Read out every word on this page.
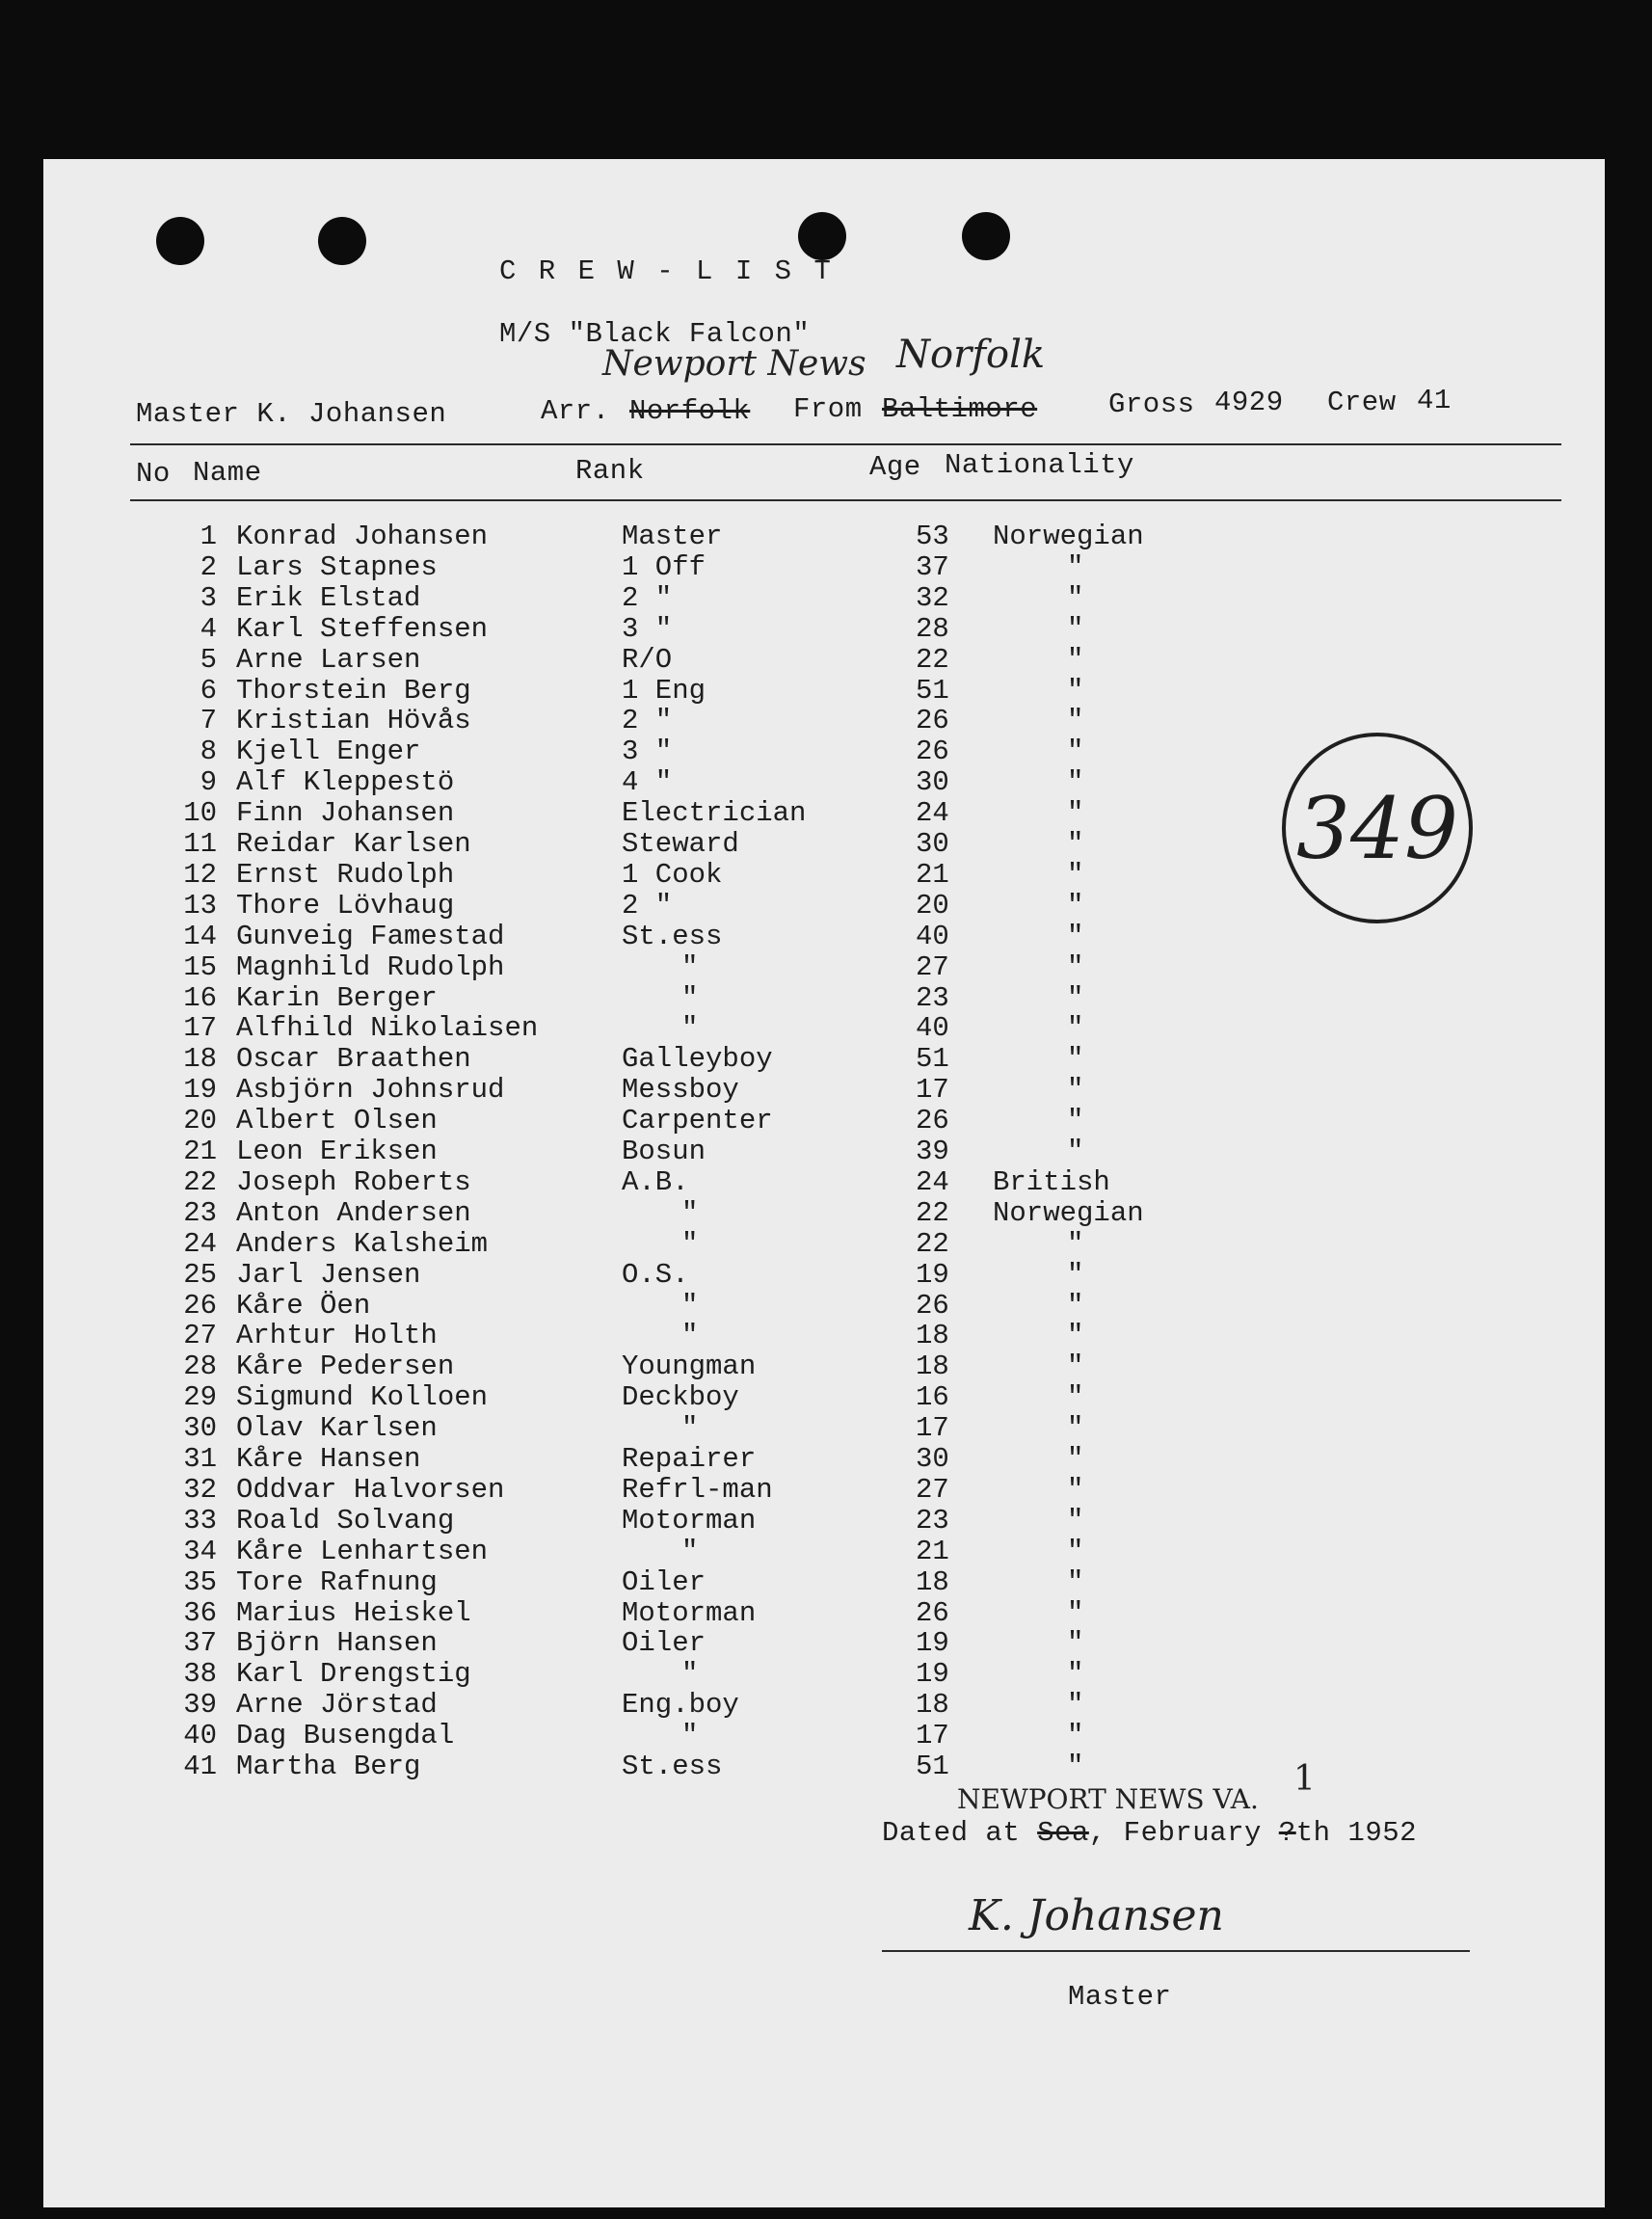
C R E W - L I S T
M/S "Black Falcon"
Newport News Norfolk
Master K. Johansen	Arr. Norfolk From Baltimore	Gross 4929 Crew 41
No Name	Rank	Age Nationality
1 Konrad Johansen	Master	53 Norwegian
2 Lars Stapnes	1 Off	37	"
3 Erik Elstad	2 "	32	"
4 Karl Steffensen	3 "	28	"
5 Arne Larsen	R/O	22	"
6 Thorstein Berg	1 Eng	51	"
7 Kristian Hövås	2 "	26	"
8 Kjell Enger	3 "	26	"
9 Alf Kleppestö	4 "	30	"
10 Finn Johansen	Electrician	24	"
11 Reidar Karlsen	Steward	30	"
12 Ernst Rudolph	1 Cook	21	"
13 Thore Lövhaug	2 "	20	"
14 Gunveig Famestad	St.ess	40	"
15 Magnhild Rudolph	"	27	"
16 Karin Berger	"	23	"
17 Alfhild Nikolaisen	"	40	"
18 Oscar Braathen	Galleyboy	51	"
19 Asbjörn Johnsrud	Messboy	17	"
20 Albert Olsen	Carpenter	26	"
21 Leon Eriksen	Bosun	39	"
22 Joseph Roberts	A.B.	24 British
23 Anton Andersen	"	22 Norwegian
24 Anders Kalsheim	"	22	"
25 Jarl Jensen	O.S.	19	"
26 Kåre Öen	"	26	"
27 Arhtur Holth	"	18	"
28 Kåre Pedersen	Youngman	18	"
29 Sigmund Kolloen	Deckboy	16	"
30 Olav Karlsen	"	17	"
31 Kåre Hansen	Repairer	30	"
32 Oddvar Halvorsen	Refrl-man	27	"
33 Roald Solvang	Motorman	23	"
34 Kåre Lenhartsen	"	21	"
35 Tore Rafnung	Oiler	18	"
36 Marius Heiskel	Motorman	26	"
37 Björn Hansen	Oiler	19	"
38 Karl Drengstig	"	19	"
39 Arne Jörstad	Eng.boy	18	"
40 Dag Busengdal	"	17	"
41 Martha Berg	St.ess	51	"
349
NEWPORT NEWS VA.
1
Dated at Sea, February ?th 1952
K. Johansen
Master
